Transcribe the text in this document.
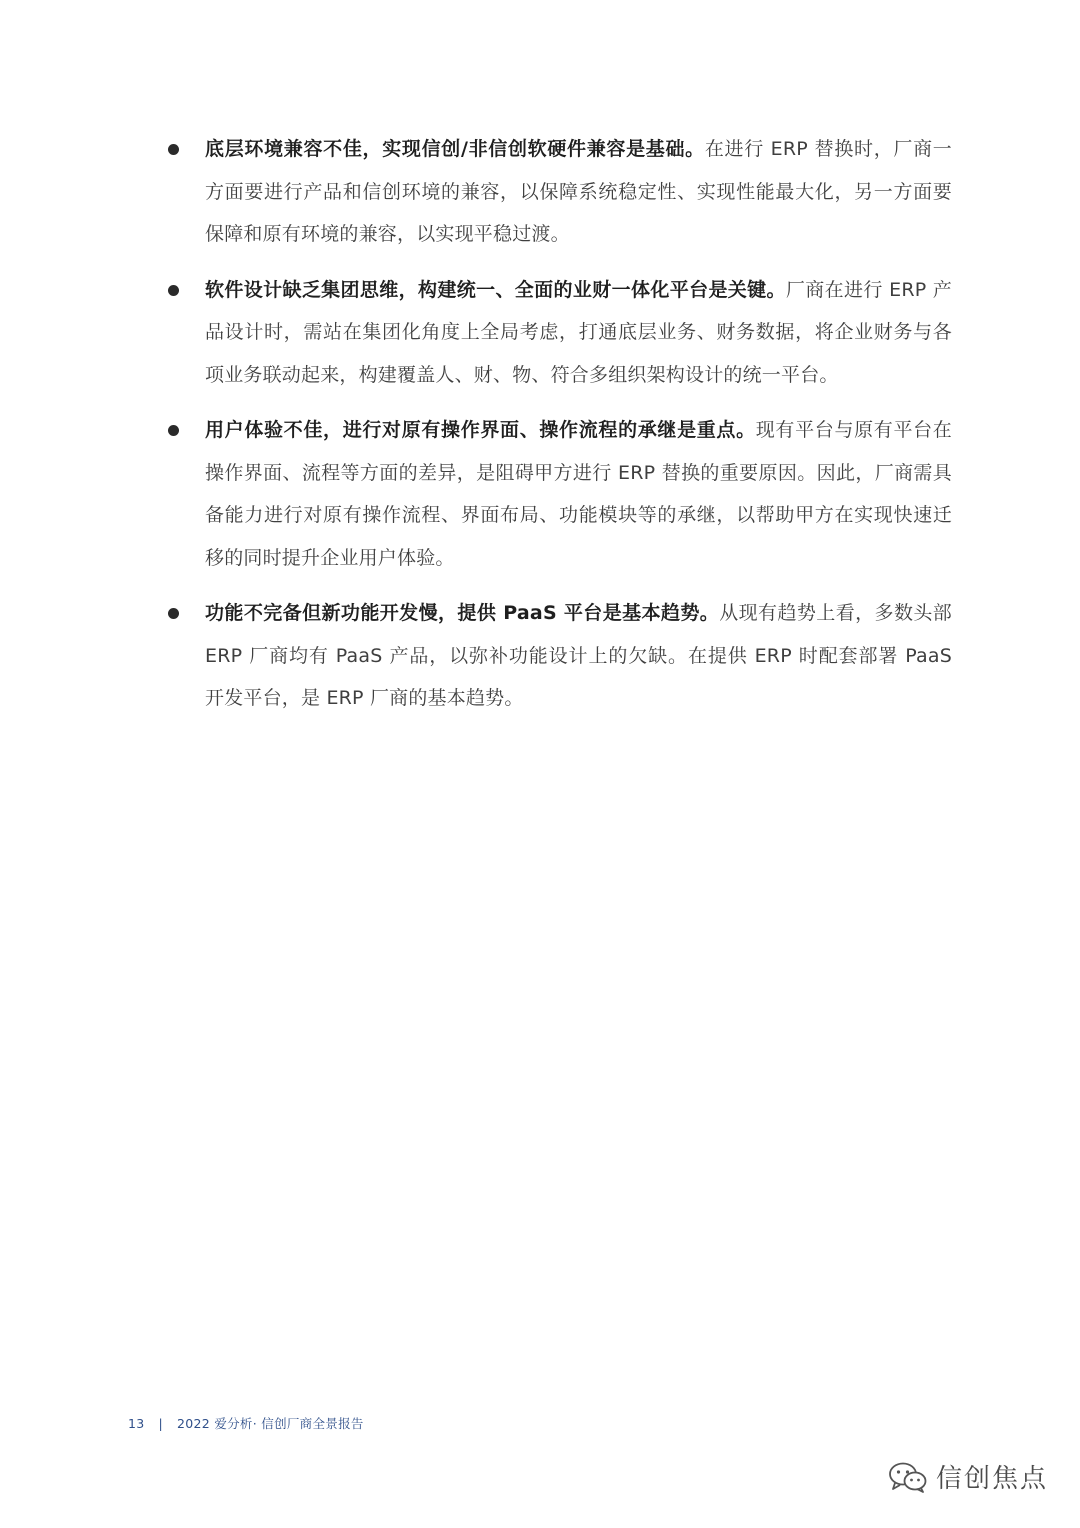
底层环境兼容不佳，实现信创/非信创软硬件兼容是基础。在进行 ERP 替换时，厂商一方面要进行产品和信创环境的兼容，以保障系统稳定性、实现性能最大化，另一方面要保障和原有环境的兼容，以实现平稳过渡。
软件设计缺乏集团思维，构建统一、全面的业财一体化平台是关键。厂商在进行 ERP 产品设计时，需站在集团化角度上全局考虑，打通底层业务、财务数据，将企业财务与各项业务联动起来，构建覆盖人、财、物、符合多组织架构设计的统一平台。
用户体验不佳，进行对原有操作界面、操作流程的承继是重点。现有平台与原有平台在操作界面、流程等方面的差异，是阻碍甲方进行 ERP 替换的重要原因。因此，厂商需具备能力进行对原有操作流程、界面布局、功能模块等的承继，以帮助甲方在实现快速迁移的同时提升企业用户体验。
功能不完备但新功能开发慢，提供 PaaS 平台是基本趋势。从现有趋势上看，多数头部 ERP 厂商均有 PaaS 产品，以弥补功能设计上的欠缺。在提供 ERP 时配套部署 PaaS 开发平台，是 ERP 厂商的基本趋势。
13 | 2022 爱分析· 信创厂商全景报告
信创焦点
